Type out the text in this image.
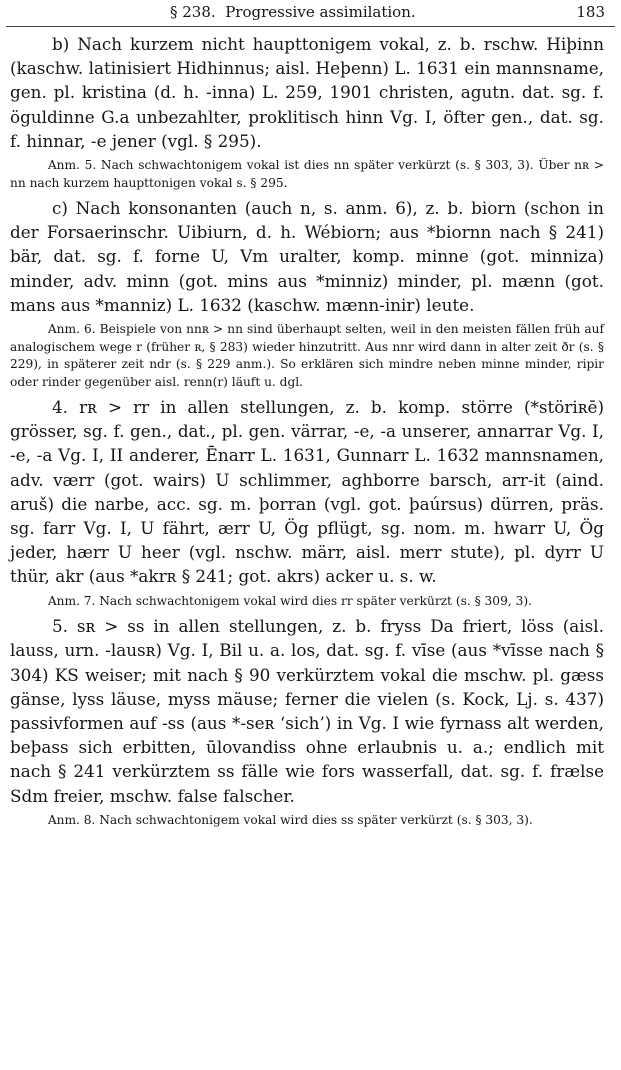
§ 238.  Progressive assimilation.	183

b) Nach kurzem nicht haupttonigem vokal, z. b. rschw. Hiþinn (kaschw. latinisiert Hidhinnus; aisl. Heþenn) L. 1631 ein mannsname, gen. pl. kristina (d. h. -inna) L. 259, 1901 christen, agutn. dat. sg. f. öguldinne G.a unbezahlter, proklitisch hinn Vg. I, öfter gen., dat. sg. f. hinnar, -e jener (vgl. § 295).

Anm. 5. Nach schwachtonigem vokal ist dies nn später verkürzt (s. § 303, 3). Über nʀ > nn nach kurzem haupttonigen vokal s. § 295.

c) Nach konsonanten (auch n, s. anm. 6), z. b. biorn (schon in der Forsaerinschr. Uibiurn, d. h. Wébiorn; aus *biornn nach § 241) bär, dat. sg. f. forne U, Vm uralter, komp. minne (got. minniza) minder, adv. minn (got. mins aus *minniz) minder, pl. mænn (got. mans aus *manniz) L. 1632 (kaschw. mænn-inir) leute.

Anm. 6. Beispiele von nnʀ > nn sind überhaupt selten, weil in den meisten fällen früh auf analogischem wege r (früher ʀ, § 283) wieder hinzutritt. Aus nnr wird dann in alter zeit ðr (s. § 229), in späterer zeit ndr (s. § 229 anm.). So erklären sich mindre neben minne minder, ripir oder rinder gegenüber aisl. renn(r) läuft u. dgl.

4. rʀ > rr in allen stellungen, z. b. komp. större (*störiʀē) grösser, sg. f. gen., dat., pl. gen. värrar, -e, -a unserer, annarrar Vg. I, -e, -a Vg. I, II anderer, Ēnarr L. 1631, Gunnarr L. 1632 mannsnamen, adv. værr (got. wairs) U schlimmer, aghborre barsch, arr-it (aind. aruš) die narbe, acc. sg. m. þorran (vgl. got. þaúrsus) dürren, präs. sg. farr Vg. I, U fährt, ærr U, Ög pflügt, sg. nom. m. hwarr U, Ög jeder, hærr U heer (vgl. nschw. märr, aisl. merr stute), pl. dyrr U thür, akr (aus *akrʀ § 241; got. akrs) acker u. s. w.

Anm. 7. Nach schwachtonigem vokal wird dies rr später verkürzt (s. § 309, 3).

5. sʀ > ss in allen stellungen, z. b. fryss Da friert, löss (aisl. lauss, urn. -lausʀ) Vg. I, Bil u. a. los, dat. sg. f. vīse (aus *vīsse nach § 304) KS weiser; mit nach § 90 verkürztem vokal die mschw. pl. gæss gänse, lyss läuse, myss mäuse; ferner die vielen (s. Kock, Lj. s. 437) passivformen auf -ss (aus *-seʀ ‘sich’) in Vg. I wie fyrnass alt werden, beþass sich erbitten, ūlovandiss ohne erlaubnis u. a.; endlich mit nach § 241 verkürztem ss fälle wie fors wasserfall, dat. sg. f. frælse Sdm freier, mschw. false falscher.

Anm. 8. Nach schwachtonigem vokal wird dies ss später verkürzt (s. § 303, 3).
